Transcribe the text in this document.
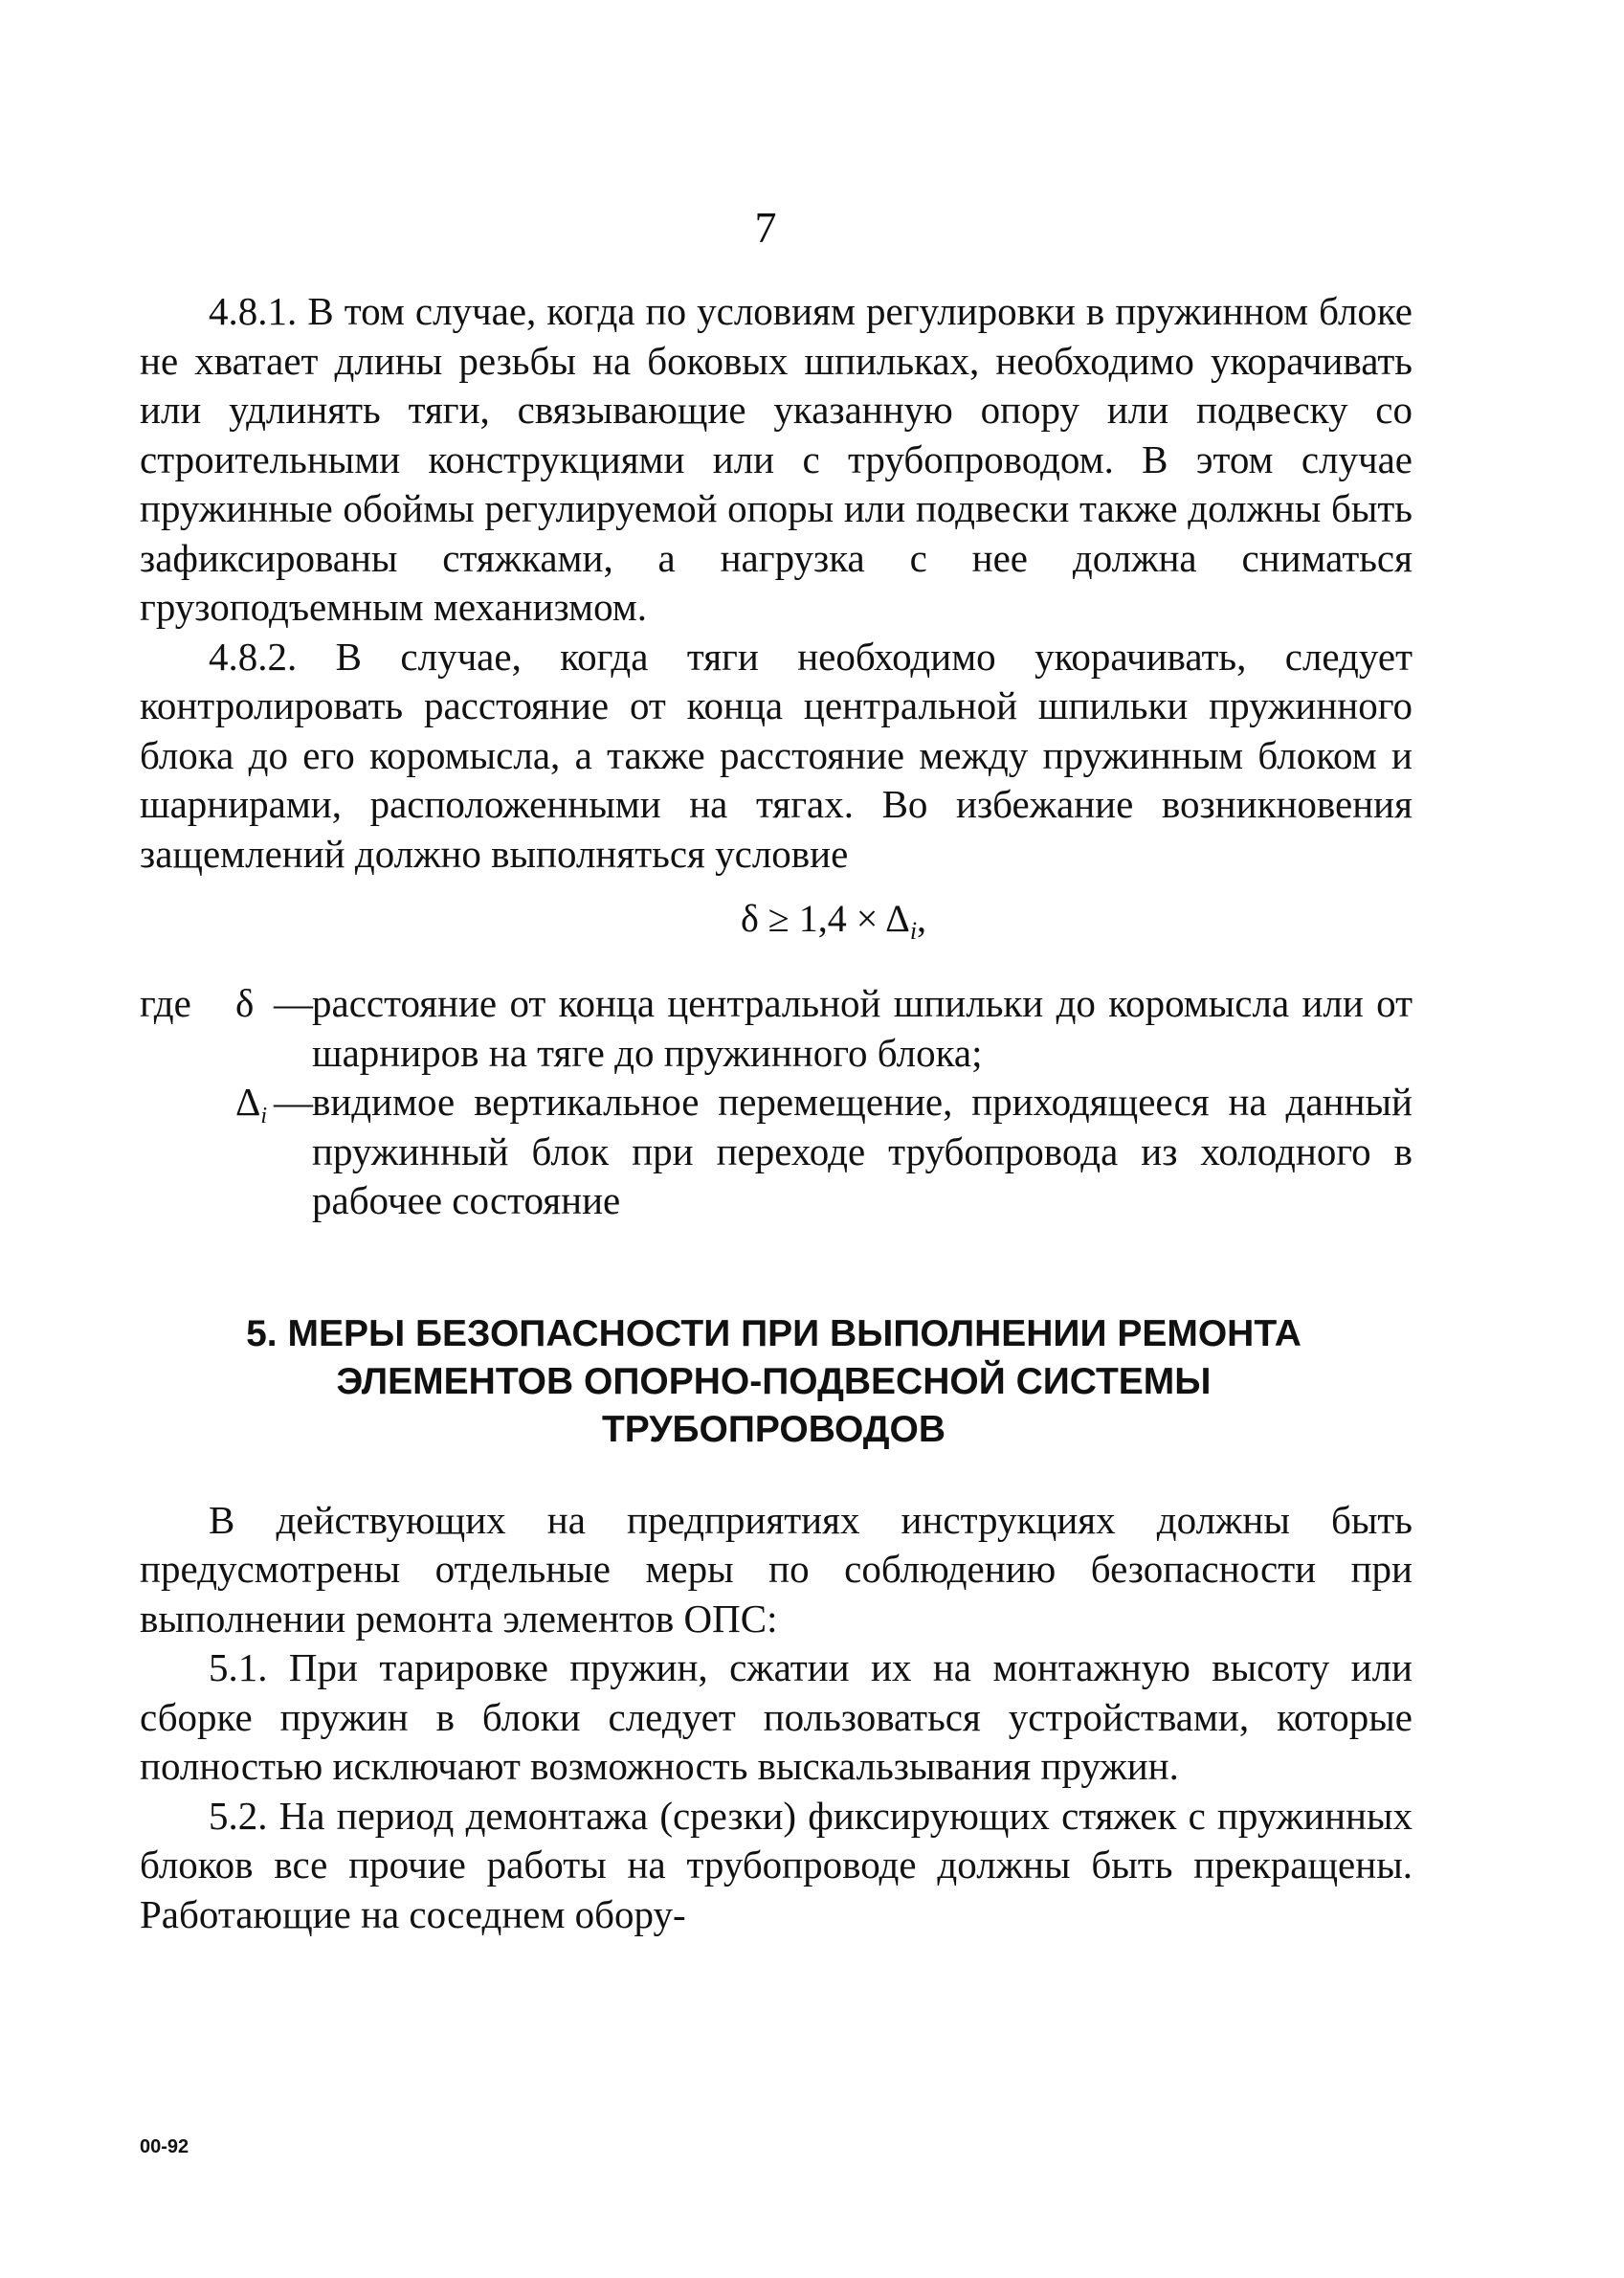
7

4.8.1. В том случае, когда по условиям регулировки в пружинном блоке не хватает длины резьбы на боковых шпильках, необходимо укорачивать или удлинять тяги, связывающие указанную опору или подвеску со строительными конструкциями или с трубопроводом. В этом случае пружинные обоймы регулируемой опоры или подвески также должны быть зафиксированы стяжками, а нагрузка с нее должна сниматься грузоподъемным механизмом.

4.8.2. В случае, когда тяги необходимо укорачивать, следует контролировать расстояние от конца центральной шпильки пружинного блока до его коромысла, а также расстояние между пружинным блоком и шарнирами, расположенными на тягах. Во избежание возникновения защемлений должно выполняться условие

$\delta \ge 1,4 \times \Delta_i$,
где	δ — расстояние от конца центральной шпильки до коромысла или от шарниров на тяге до пружинного блока;
$\Delta_i$ — видимое вертикальное перемещение, приходящееся на данный пружинный блок при переходе трубопровода из холодного в рабочее состояние
5. МЕРЫ БЕЗОПАСНОСТИ ПРИ ВЫПОЛНЕНИИ РЕМОНТА
ЭЛЕМЕНТОВ ОПОРНО-ПОДВЕСНОЙ СИСТЕМЫ
ТРУБОПРОВОДОВ

В действующих на предприятиях инструкциях должны быть предусмотрены отдельные меры по соблюдению безопасности при выполнении ремонта элементов ОПС:

5.1. При тарировке пружин, сжатии их на монтажную высоту или сборке пружин в блоки следует пользоваться устройствами, которые полностью исключают возможность выскальзывания пружин.

5.2. На период демонтажа (срезки) фиксирующих стяжек с пружинных блоков все прочие работы на трубопроводе должны быть прекращены. Работающие на соседнем обору-

00-92
